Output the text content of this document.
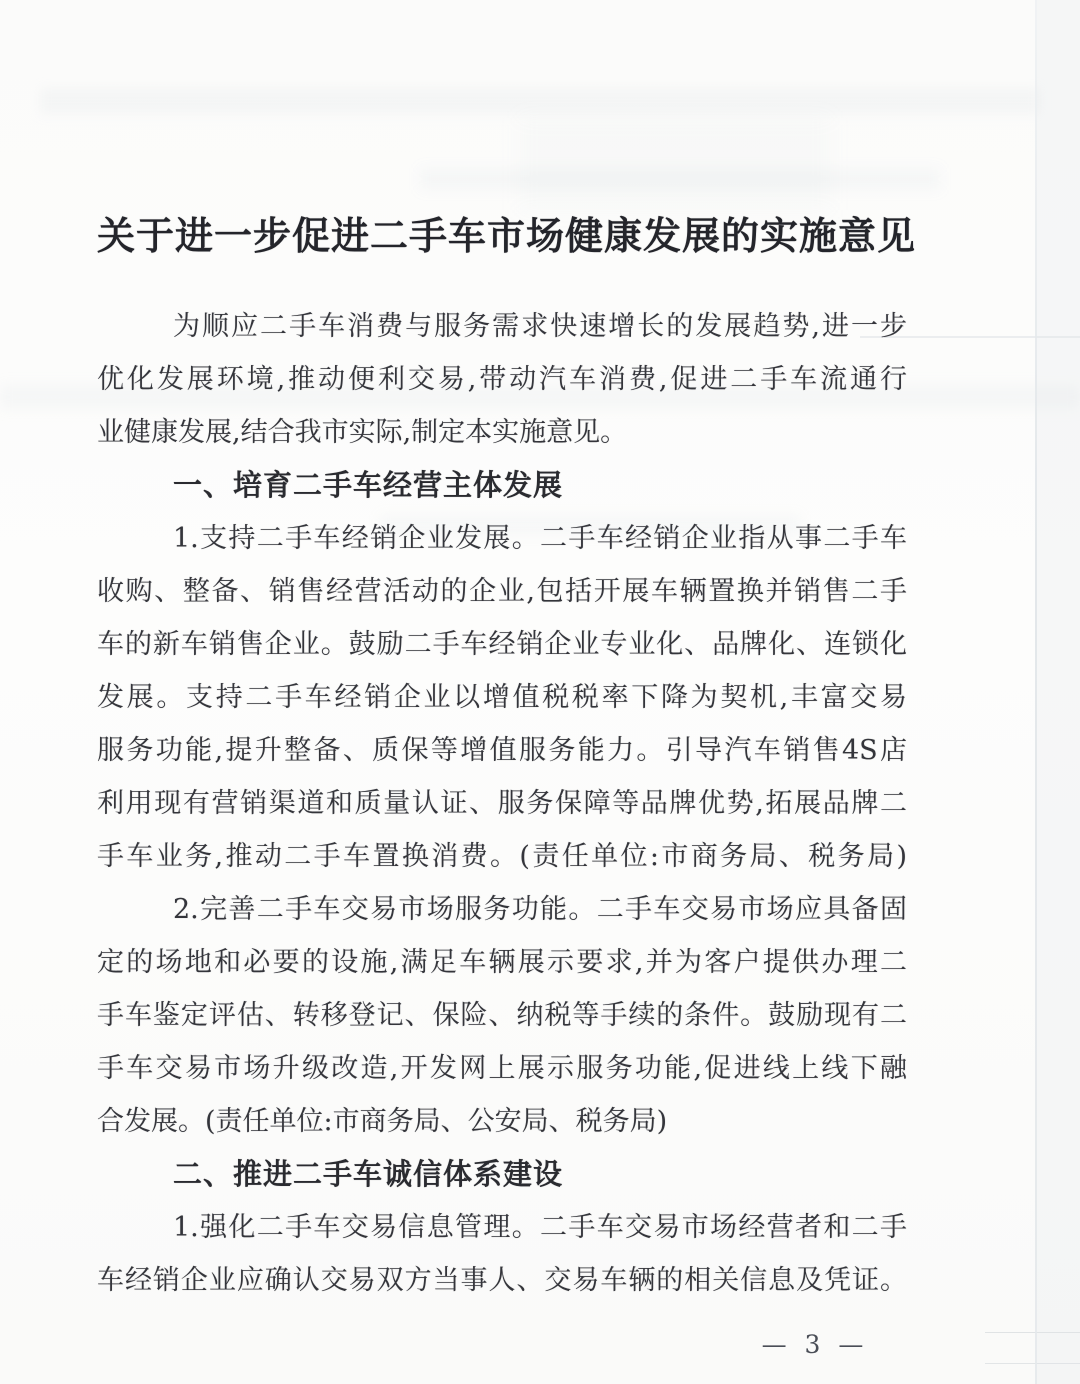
关于进一步促进二手车市场健康发展的实施意见
为顺应二手车消费与服务需求快速增长的发展趋势,进一步
优化发展环境,推动便利交易,带动汽车消费,促进二手车流通行
业健康发展,结合我市实际,制定本实施意见。
一、培育二手车经营主体发展
1.支持二手车经销企业发展。二手车经销企业指从事二手车
收购、整备、销售经营活动的企业,包括开展车辆置换并销售二手
车的新车销售企业。鼓励二手车经销企业专业化、品牌化、连锁化
发展。支持二手车经销企业以增值税税率下降为契机,丰富交易
服务功能,提升整备、质保等增值服务能力。引导汽车销售4S店
利用现有营销渠道和质量认证、服务保障等品牌优势,拓展品牌二
手车业务,推动二手车置换消费。(责任单位:市商务局、税务局)
2.完善二手车交易市场服务功能。二手车交易市场应具备固
定的场地和必要的设施,满足车辆展示要求,并为客户提供办理二
手车鉴定评估、转移登记、保险、纳税等手续的条件。鼓励现有二
手车交易市场升级改造,开发网上展示服务功能,促进线上线下融
合发展。(责任单位:市商务局、公安局、税务局)
二、推进二手车诚信体系建设
1.强化二手车交易信息管理。二手车交易市场经营者和二手
车经销企业应确认交易双方当事人、交易车辆的相关信息及凭证。
— 3 —
